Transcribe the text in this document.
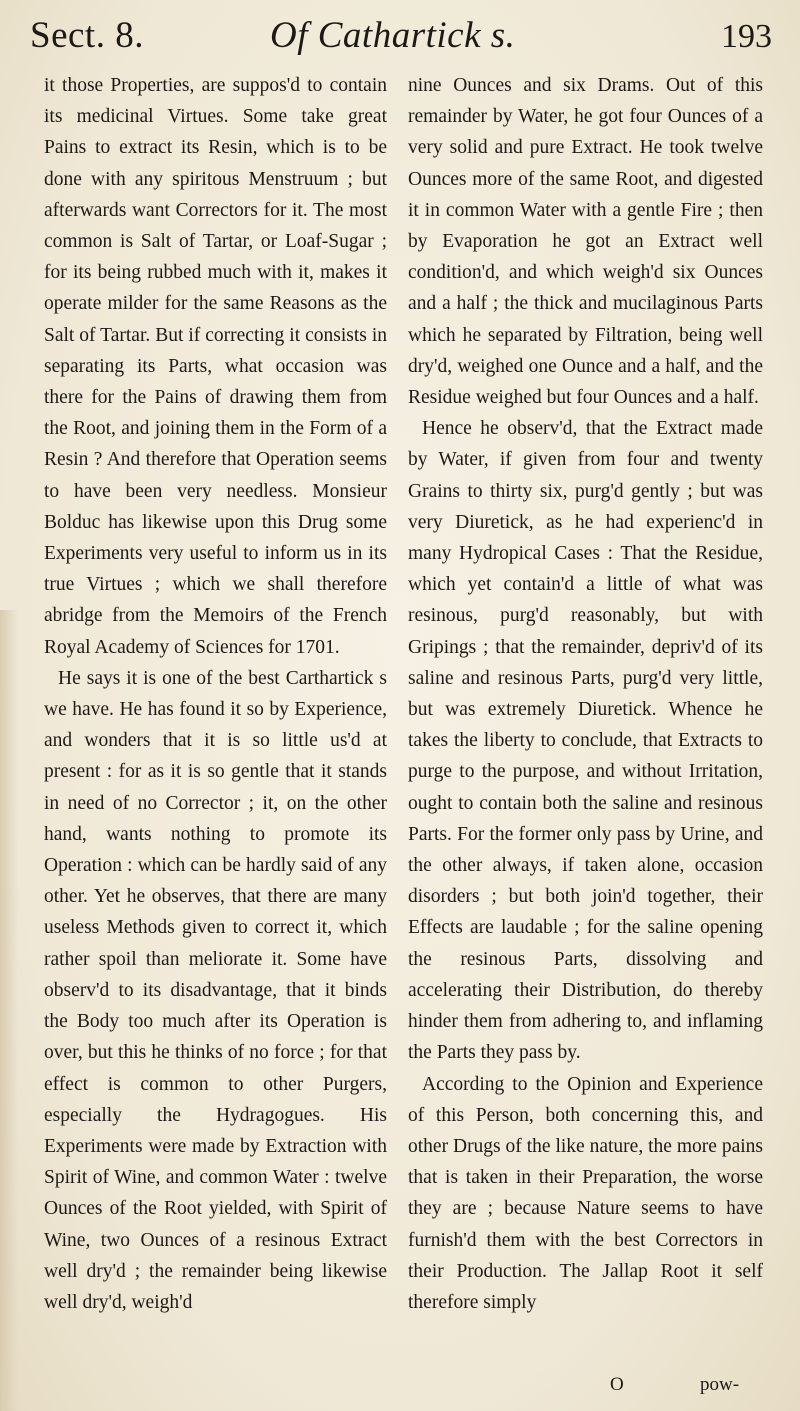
Sect. 8.	Of Cathartick s.	193

it those Properties, are suppos'd to contain its medicinal Virtues. Some take great Pains to extract its Resin, which is to be done with any spiritous Menstruum ; but afterwards want Correctors for it. The most common is Salt of Tartar, or Loaf-Sugar ; for its being rubbed much with it, makes it operate milder for the same Reasons as the Salt of Tartar. But if correcting it consists in separating its Parts, what occasion was there for the Pains of drawing them from the Root, and joining them in the Form of a Resin ? And therefore that Operation seems to have been very needless. Monsieur Bolduc has likewise upon this Drug some Experiments very useful to inform us in its true Virtues ; which we shall therefore abridge from the Memoirs of the French Royal Academy of Sciences for 1701.

He says it is one of the best Carthartick s we have. He has found it so by Experience, and wonders that it is so little us'd at present : for as it is so gentle that it stands in need of no Corrector ; it, on the other hand, wants nothing to promote its Operation : which can be hardly said of any other. Yet he observes, that there are many useless Methods given to correct it, which rather spoil than meliorate it. Some have observ'd to its disadvantage, that it binds the Body too much after its Operation is over, but this he thinks of no force ; for that effect is common to other Purgers, especially the Hydragogues. His Experiments were made by Extraction with Spirit of Wine, and common Water : twelve Ounces of the Root yielded, with Spirit of Wine, two Ounces of a resinous Extract well dry'd ; the remainder being likewise well dry'd, weigh'd

nine Ounces and six Drams. Out of this remainder by Water, he got four Ounces of a very solid and pure Extract. He took twelve Ounces more of the same Root, and digested it in common Water with a gentle Fire ; then by Evaporation he got an Extract well condition'd, and which weigh'd six Ounces and a half ; the thick and mucilaginous Parts which he separated by Filtration, being well dry'd, weighed one Ounce and a half, and the Residue weighed but four Ounces and a half.

Hence he observ'd, that the Extract made by Water, if given from four and twenty Grains to thirty six, purg'd gently ; but was very Diuretick, as he had experienc'd in many Hydropical Cases : That the Residue, which yet contain'd a little of what was resinous, purg'd reasonably, but with Gripings ; that the remainder, depriv'd of its saline and resinous Parts, purg'd very little, but was extremely Diuretick. Whence he takes the liberty to conclude, that Extracts to purge to the purpose, and without Irritation, ought to contain both the saline and resinous Parts. For the former only pass by Urine, and the other always, if taken alone, occasion disorders ; but both join'd together, their Effects are laudable ; for the saline opening the resinous Parts, dissolving and accelerating their Distribution, do thereby hinder them from adhering to, and inflaming the Parts they pass by.

According to the Opinion and Experience of this Person, both concerning this, and other Drugs of the like nature, the more pains that is taken in their Preparation, the worse they are ; because Nature seems to have furnish'd them with the best Correctors in their Production. The Jallap Root it self therefore simply

O	pow-
